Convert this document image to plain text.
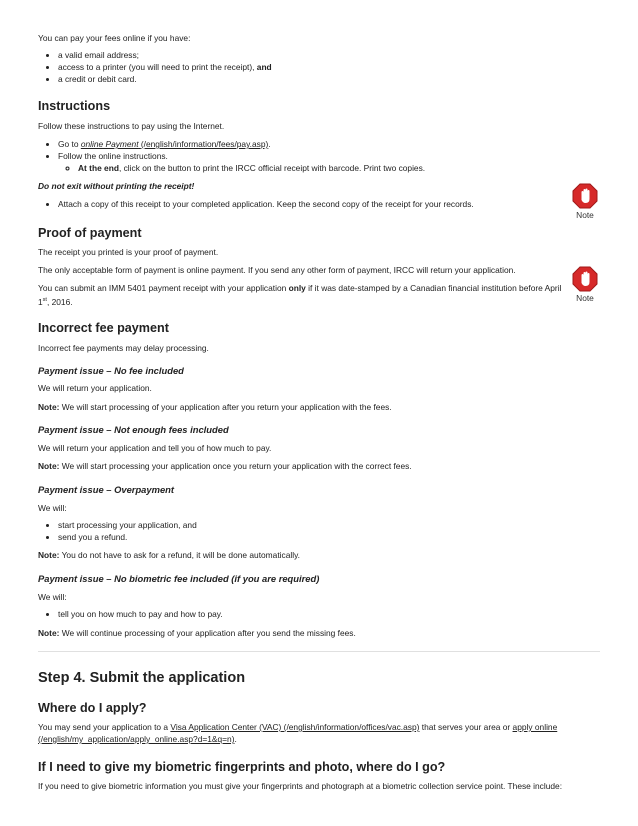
You can pay your fees online if you have:

• a valid email address;
• access to a printer (you will need to print the receipt), and
• a credit or debit card.
Instructions

Follow these instructions to pay using the Internet.

• Go to online Payment (/english/information/fees/pay.asp).
• Follow the online instructions.
◦ At the end, click on the button to print the IRCC official receipt with barcode. Print two copies.

Do not exit without printing the receipt!

• Attach a copy of this receipt to your completed application. Keep the second copy of the receipt for your records.
Note
Proof of payment

The receipt you printed is your proof of payment.

The only acceptable form of payment is online payment. If you send any other form of payment, IRCC will return your application.

You can submit an IMM 5401 payment receipt with your application only if it was date-stamped by a Canadian financial institution before April
1st, 2016.	Note
Incorrect fee payment

Incorrect fee payments may delay processing.

Payment issue – No fee included

We will return your application.

Note: We will start processing of your application after you return your application with the fees.

Payment issue – Not enough fees included

We will return your application and tell you of how much to pay.

Note: We will start processing your application once you return your application with the correct fees.

Payment issue – Overpayment

We will:

• start processing your application, and
• send you a refund.

Note: You do not have to ask for a refund, it will be done automatically.

Payment issue – No biometric fee included (if you are required)

We will:

• tell you on how much to pay and how to pay.

Note: We will continue processing of your application after you send the missing fees.

Step 4. Submit the application
Where do I apply?

You may send your application to a Visa Application Center (VAC) (/english/information/offices/vac.asp) that serves your area or apply online
(/english/my_application/apply_online.asp?d=1&q=n).

If I need to give my biometric fingerprints and photo, where do I go?

If you need to give biometric information you must give your fingerprints and photograph at a biometric collection service point. These include:
